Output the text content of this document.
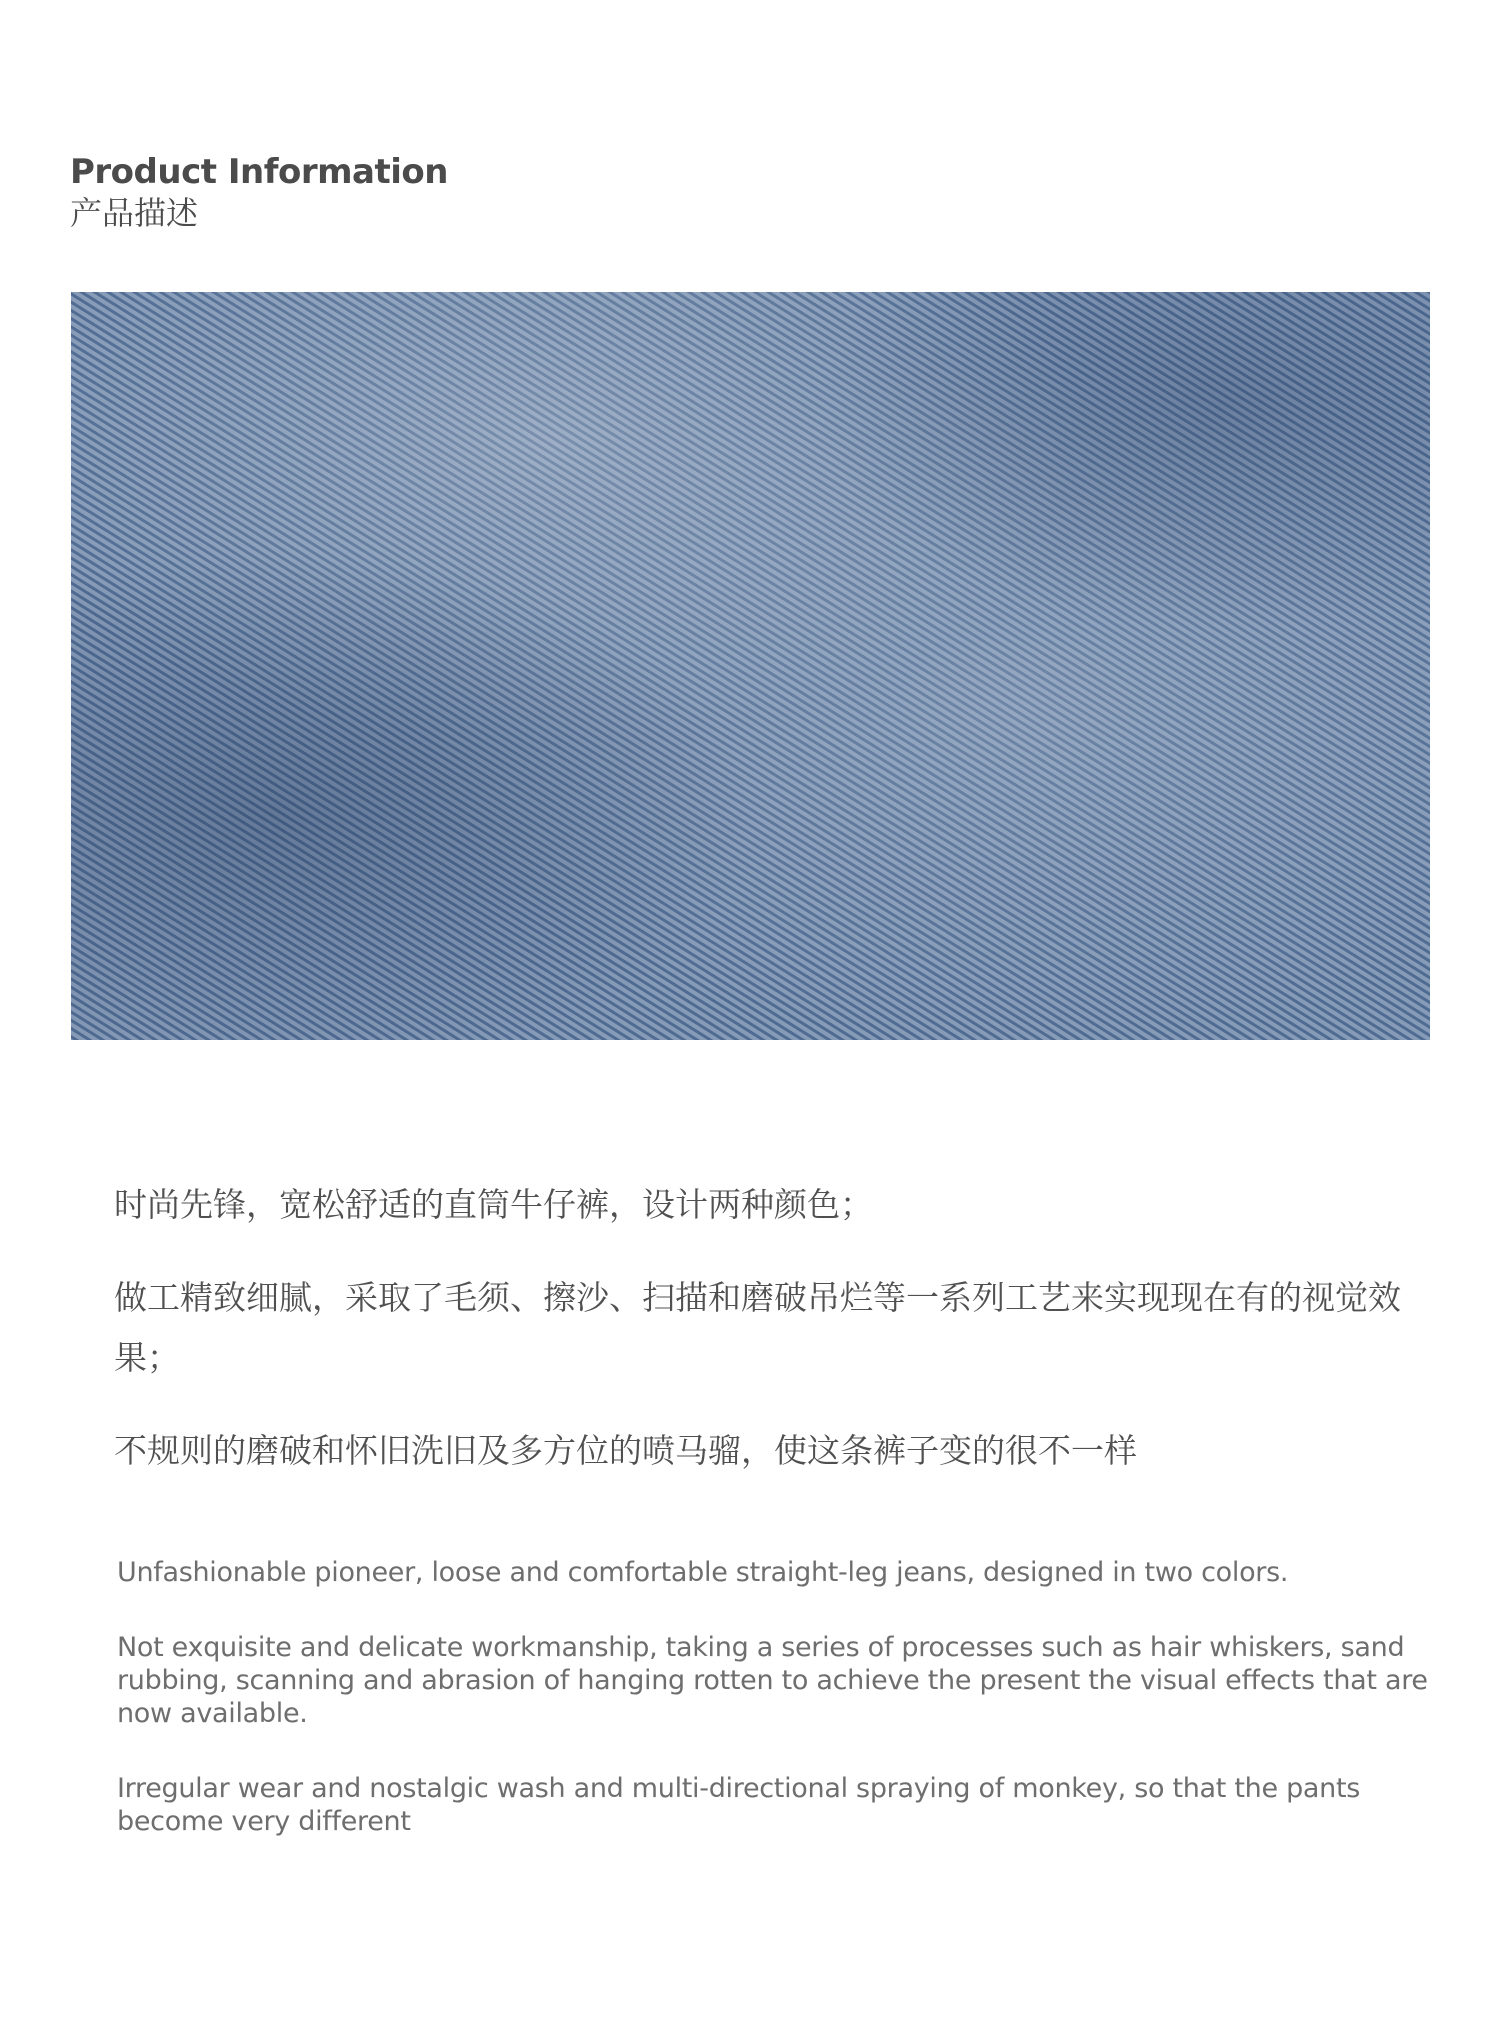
Product Information

产品描述

时尚先锋，宽松舒适的直筒牛仔裤，设计两种颜色；

做工精致细腻，采取了毛须、擦沙、扫描和磨破吊烂等一系列工艺来实现现在有的视觉效果；

不规则的磨破和怀旧洗旧及多方位的喷马骝，使这条裤子变的很不一样

Unfashionable pioneer, loose and comfortable straight-leg jeans, designed in two colors.

Not exquisite and delicate workmanship, taking a series of processes such as hair whiskers, sand rubbing, scanning and abrasion of hanging rotten to achieve the present the visual effects that are now available.

Irregular wear and nostalgic wash and multi-directional spraying of monkey, so that the pants become very different
